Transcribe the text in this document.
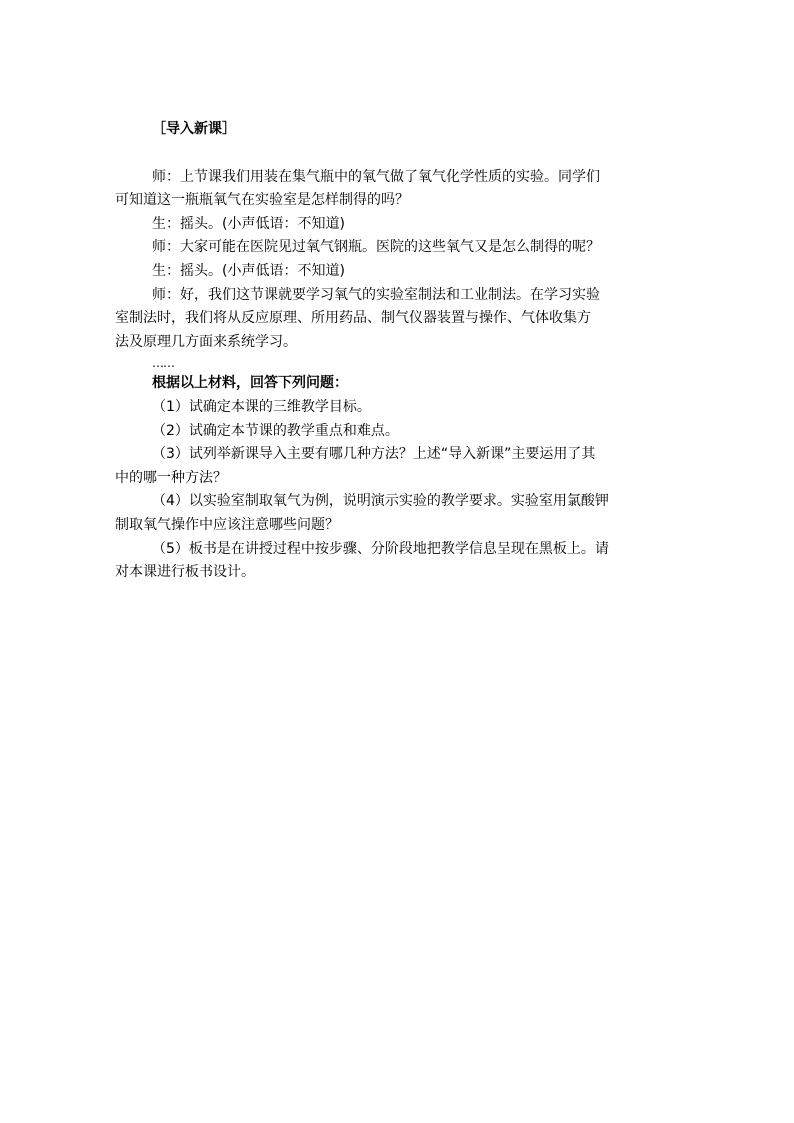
［导入新课］
师：上节课我们用装在集气瓶中的氧气做了氧气化学性质的实验。同学们
可知道这一瓶瓶氧气在实验室是怎样制得的吗？
生：摇头。(小声低语：不知道)
师：大家可能在医院见过氧气钢瓶。医院的这些氧气又是怎么制得的呢？
生：摇头。(小声低语：不知道)
师：好，我们这节课就要学习氧气的实验室制法和工业制法。在学习实验
室制法时，我们将从反应原理、所用药品、制气仪器装置与操作、气体收集方
法及原理几方面来系统学习。
……
根据以上材料，回答下列问题：
（1）试确定本课的三维教学目标。
（2）试确定本节课的教学重点和难点。
（3）试列举新课导入主要有哪几种方法？上述“导入新课”主要运用了其
中的哪一种方法？
（4）以实验室制取氧气为例，说明演示实验的教学要求。实验室用氯酸钾
制取氧气操作中应该注意哪些问题？
（5）板书是在讲授过程中按步骤、分阶段地把教学信息呈现在黑板上。请
对本课进行板书设计。
